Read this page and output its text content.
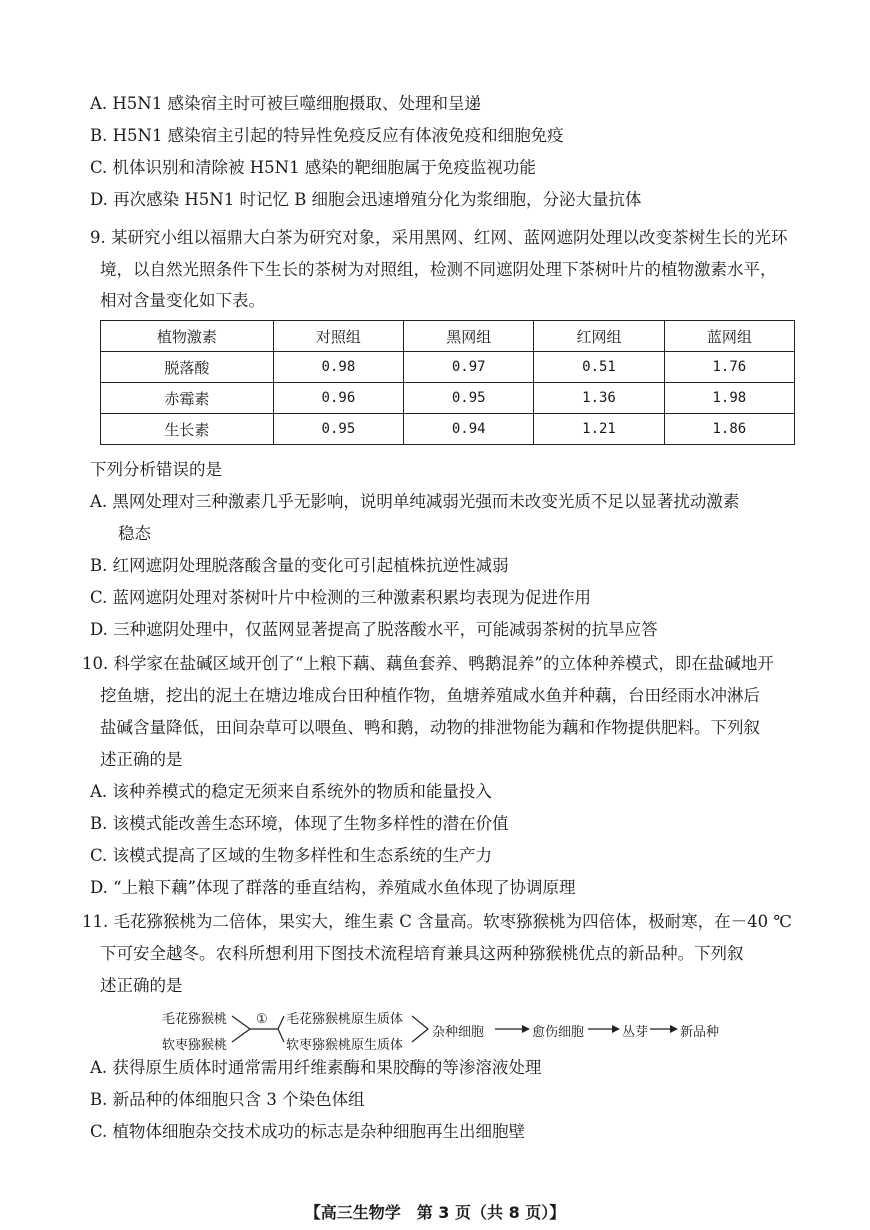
A. H5N1 感染宿主时可被巨噬细胞摄取、处理和呈递
B. H5N1 感染宿主引起的特异性免疫反应有体液免疫和细胞免疫
C. 机体识别和清除被 H5N1 感染的靶细胞属于免疫监视功能
D. 再次感染 H5N1 时记忆 B 细胞会迅速增殖分化为浆细胞，分泌大量抗体
9. 某研究小组以福鼎大白茶为研究对象，采用黑网、红网、蓝网遮阴处理以改变茶树生长的光环
境，以自然光照条件下生长的茶树为对照组，检测不同遮阴处理下茶树叶片的植物激素水平，
相对含量变化如下表。
植物激素	对照组	黑网组	红网组	蓝网组
脱落酸	0.98	0.97	0.51	1.76
赤霉素	0.96	0.95	1.36	1.98
生长素	0.95	0.94	1.21	1.86
下列分析错误的是
A. 黑网处理对三种激素几乎无影响，说明单纯减弱光强而未改变光质不足以显著扰动激素
稳态
B. 红网遮阴处理脱落酸含量的变化可引起植株抗逆性减弱
C. 蓝网遮阴处理对茶树叶片中检测的三种激素积累均表现为促进作用
D. 三种遮阴处理中，仅蓝网显著提高了脱落酸水平，可能减弱茶树的抗旱应答
10. 科学家在盐碱区域开创了“上粮下藕、藕鱼套养、鸭鹅混养”的立体种养模式，即在盐碱地开
挖鱼塘，挖出的泥土在塘边堆成台田种植作物，鱼塘养殖咸水鱼并种藕，台田经雨水冲淋后
盐碱含量降低，田间杂草可以喂鱼、鸭和鹅，动物的排泄物能为藕和作物提供肥料。下列叙
述正确的是
A. 该种养模式的稳定无须来自系统外的物质和能量投入
B. 该模式能改善生态环境，体现了生物多样性的潜在价值
C. 该模式提高了区域的生物多样性和生态系统的生产力
D. “上粮下藕”体现了群落的垂直结构，养殖咸水鱼体现了协调原理
11. 毛花猕猴桃为二倍体，果实大，维生素 C 含量高。软枣猕猴桃为四倍体，极耐寒，在－40 ℃
下可安全越冬。农科所想利用下图技术流程培育兼具这两种猕猴桃优点的新品种。下列叙
述正确的是
毛花猕猴桃
软枣猕猴桃
① 毛花猕猴桃原生质体
软枣猕猴桃原生质体
杂种细胞	愈伤细胞	丛芽 新品种
A. 获得原生质体时通常需用纤维素酶和果胶酶的等渗溶液处理
B. 新品种的体细胞只含 3 个染色体组
C. 植物体细胞杂交技术成功的标志是杂种细胞再生出细胞壁
【高三生物学　第 3 页（共 8 页）】
